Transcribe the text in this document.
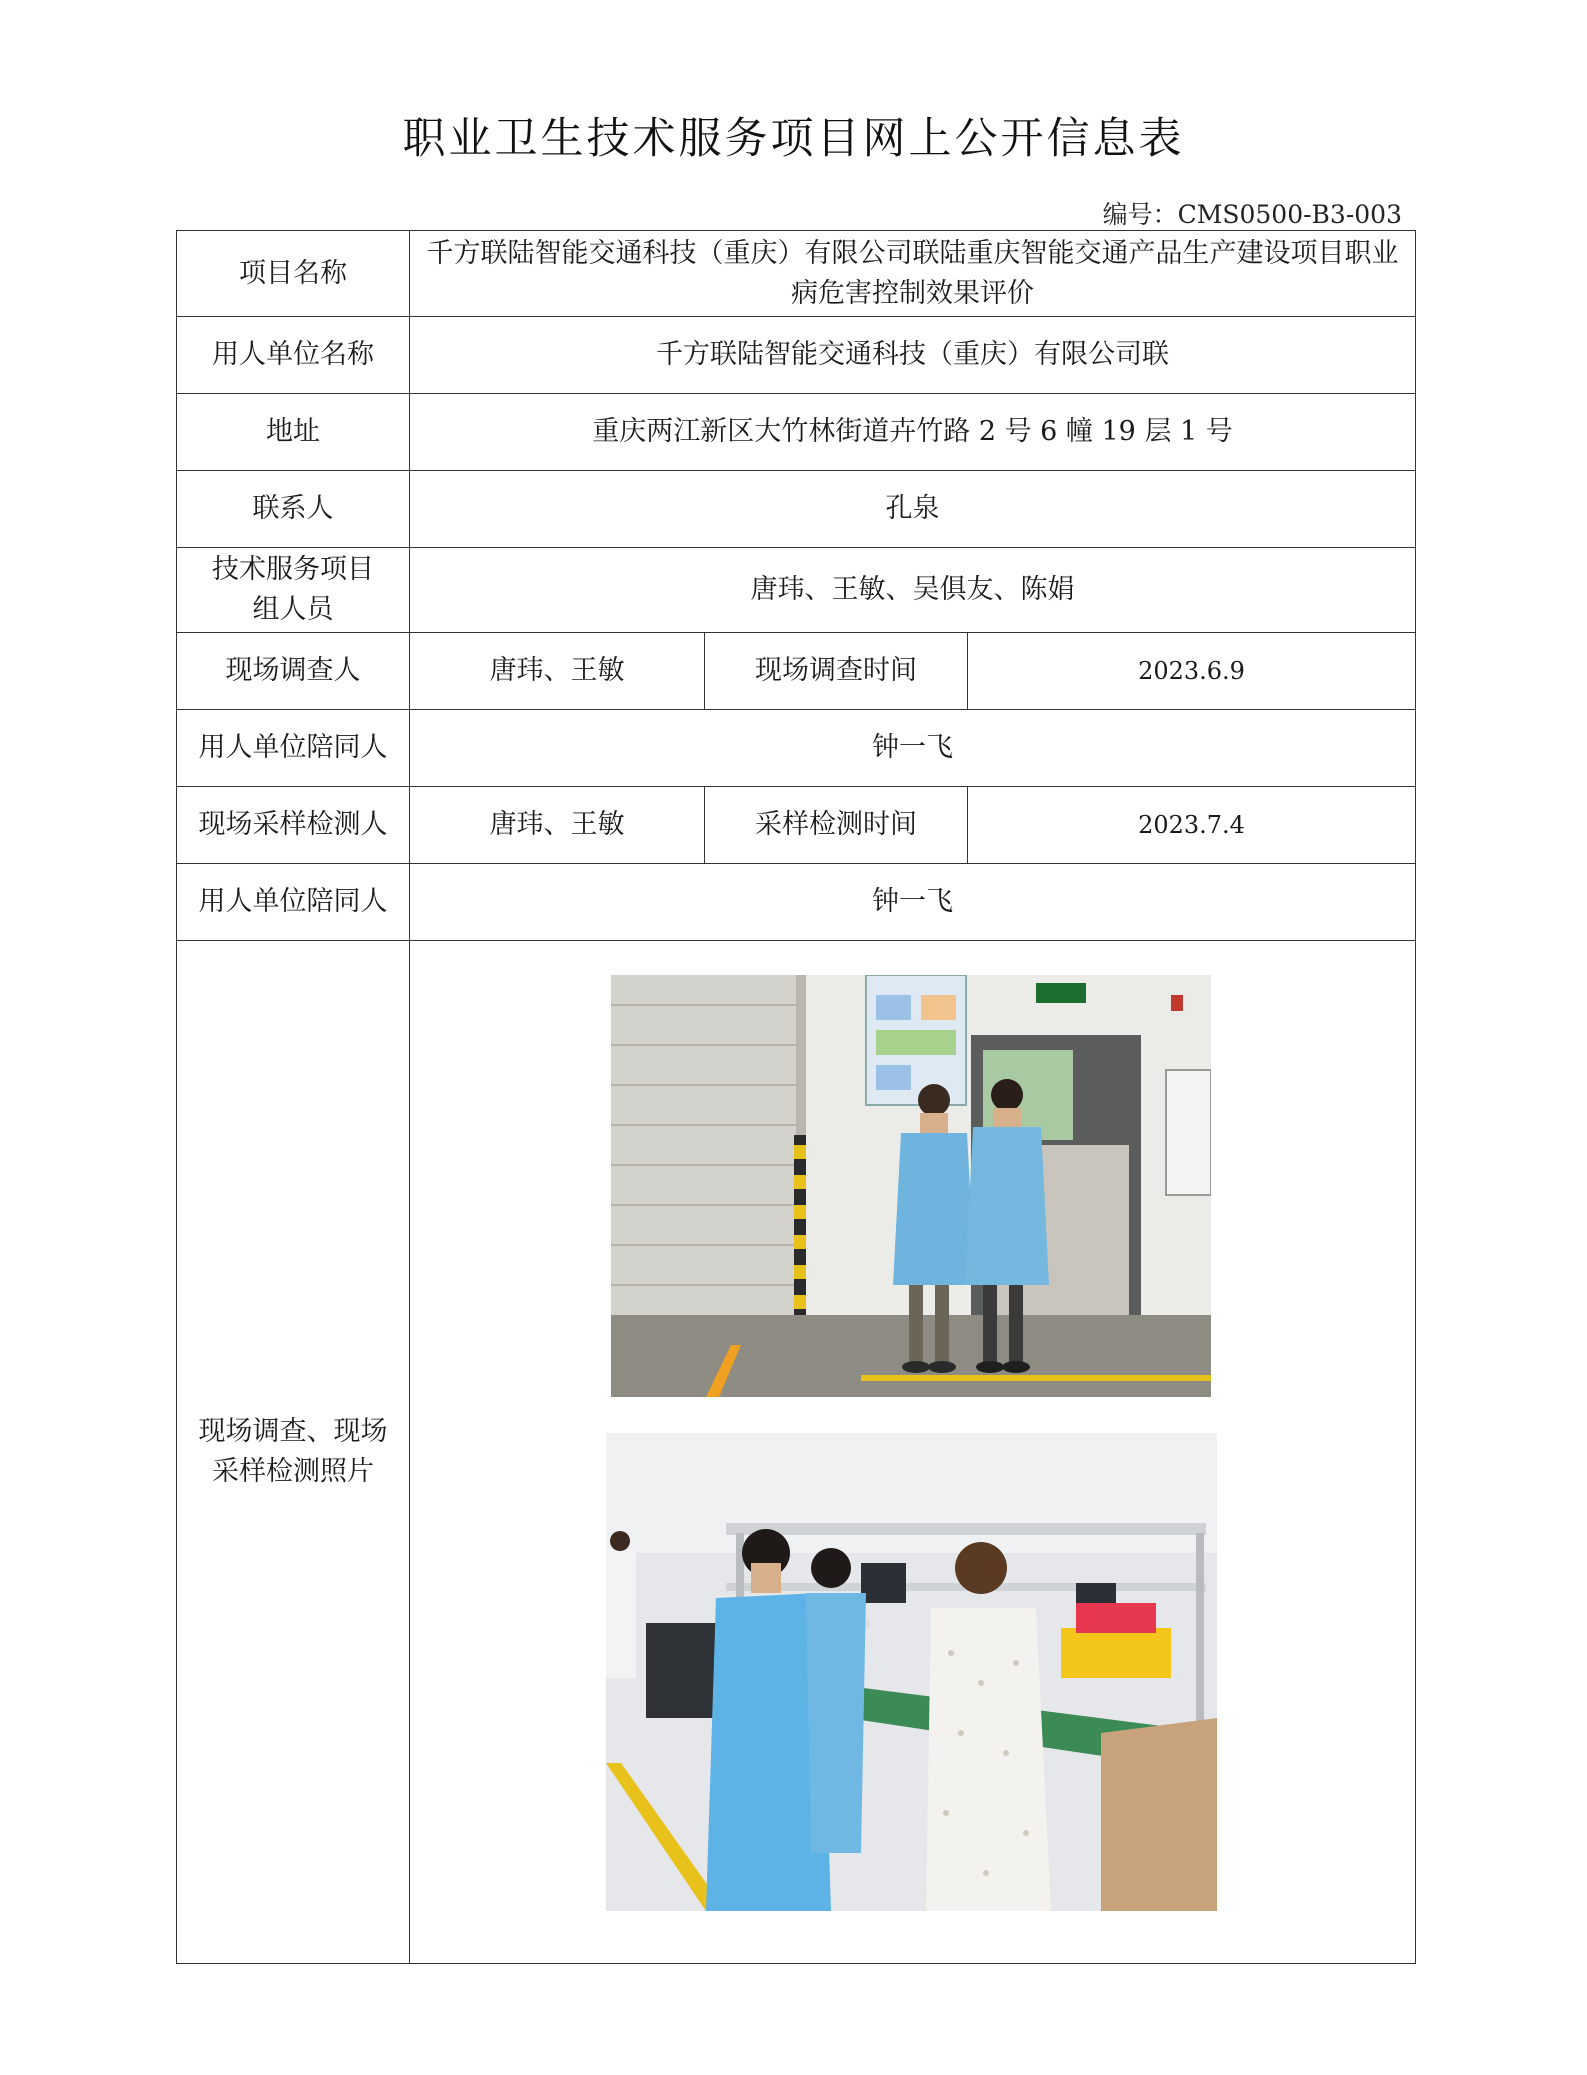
职业卫生技术服务项目网上公开信息表
编号：CMS0500-B3-003
项目名称	千方联陆智能交通科技（重庆）有限公司联陆重庆智能交通产品生产建设项目职业病危害控制效果评价		
用人单位名称	千方联陆智能交通科技（重庆）有限公司联		
地址	重庆两江新区大竹林街道卉竹路 2 号 6 幢 19 层 1 号		
联系人	孔泉		
技术服务项目组人员	唐玮、王敏、吴俱友、陈娟		
现场调查人	唐玮、王敏	现场调查时间	2023.6.9
用人单位陪同人	钟一飞		
现场采样检测人	唐玮、王敏	采样检测时间	2023.7.4
用人单位陪同人	钟一飞		
现场调查、现场采样检测照片	
